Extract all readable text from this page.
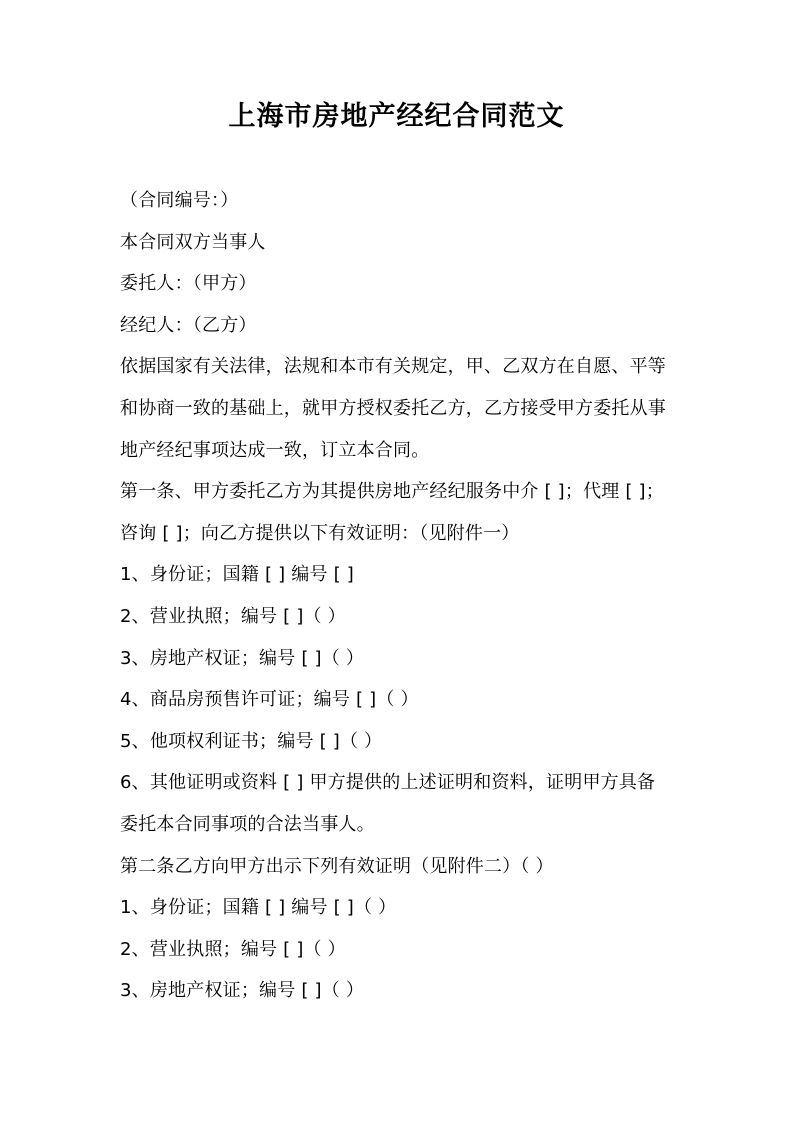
上海市房地产经纪合同范文
（合同编号：）
本合同双方当事人
委托人：（甲方）
经纪人：（乙方）
依据国家有关法律，法规和本市有关规定，甲、乙双方在自愿、平等
和协商一致的基础上，就甲方授权委托乙方，乙方接受甲方委托从事
地产经纪事项达成一致，订立本合同。
第一条、甲方委托乙方为其提供房地产经纪服务中介 [ ]；代理 [ ]；
咨询 [ ]；向乙方提供以下有效证明：（见附件一）
1、身份证；国籍 [ ] 编号 [ ]
2、营业执照；编号 [ ]（ ）
3、房地产权证；编号 [ ]（ ）
4、商品房预售许可证；编号 [ ]（ ）
5、他项权利证书；编号 [ ]（ ）
6、其他证明或资料 [ ] 甲方提供的上述证明和资料，证明甲方具备
委托本合同事项的合法当事人。
第二条乙方向甲方出示下列有效证明（见附件二）（ ）
1、身份证；国籍 [ ] 编号 [ ]（ ）
2、营业执照；编号 [ ]（ ）
3、房地产权证；编号 [ ]（ ）
